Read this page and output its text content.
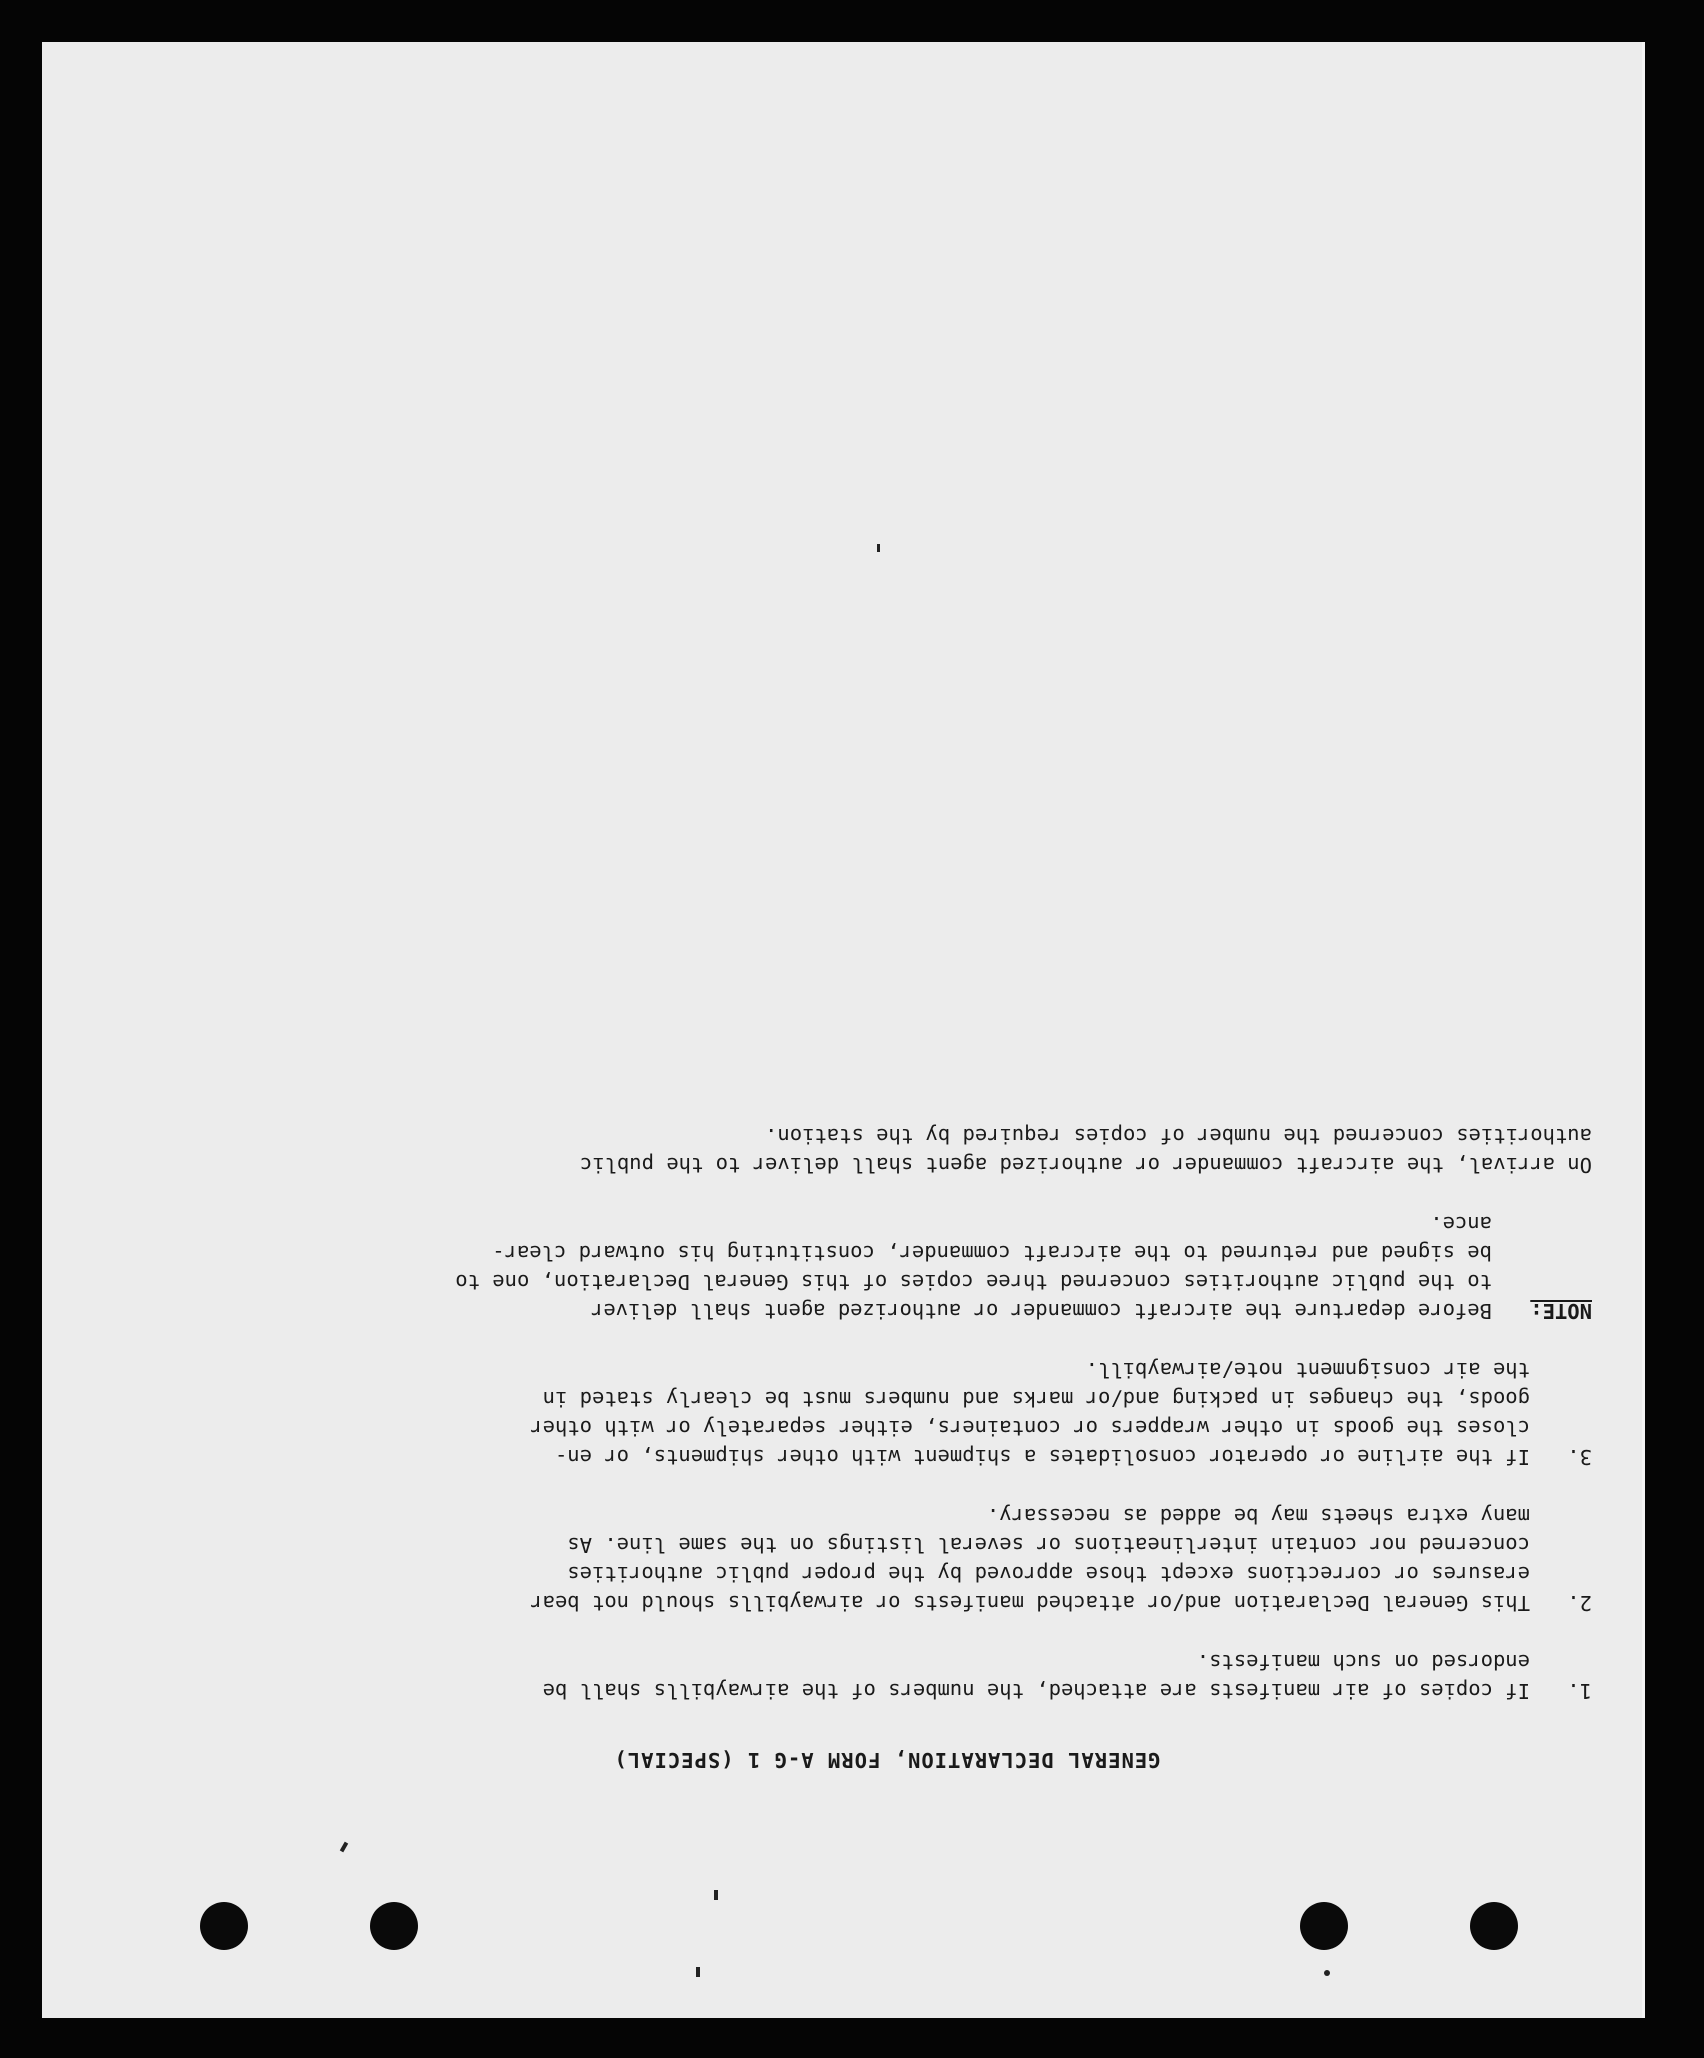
GENERAL DECLARATION, FORM A-G 1 (SPECIAL)
1.
If copies of air manifests are attached, the numbers of the airwaybills shall be
endorsed on such manifests.
2.
This General Declaration and/or attached manifests or airwaybills should not bear
erasures or corrections except those approved by the proper public authorities
concerned nor contain interlineations or several listings on the same line. As
many extra sheets may be added as necessary.
3.
If the airline or operator consolidates a shipment with other shipments, or en-
closes the goods in other wrappers or containers, either separately or with other
goods, the changes in packing and/or marks and numbers must be clearly stated in
the air consignment note/airwaybill.
NOTE:
Before departure the aircraft commander or authorized agent shall deliver
to the public authorities concerned three copies of this General Declaration, one to
be signed and returned to the aircraft commander, constituting his outward clear-
ance.
On arrival, the aircraft commander or authorized agent shall deliver to the public
authorities concerned the number of copies required by the station.
